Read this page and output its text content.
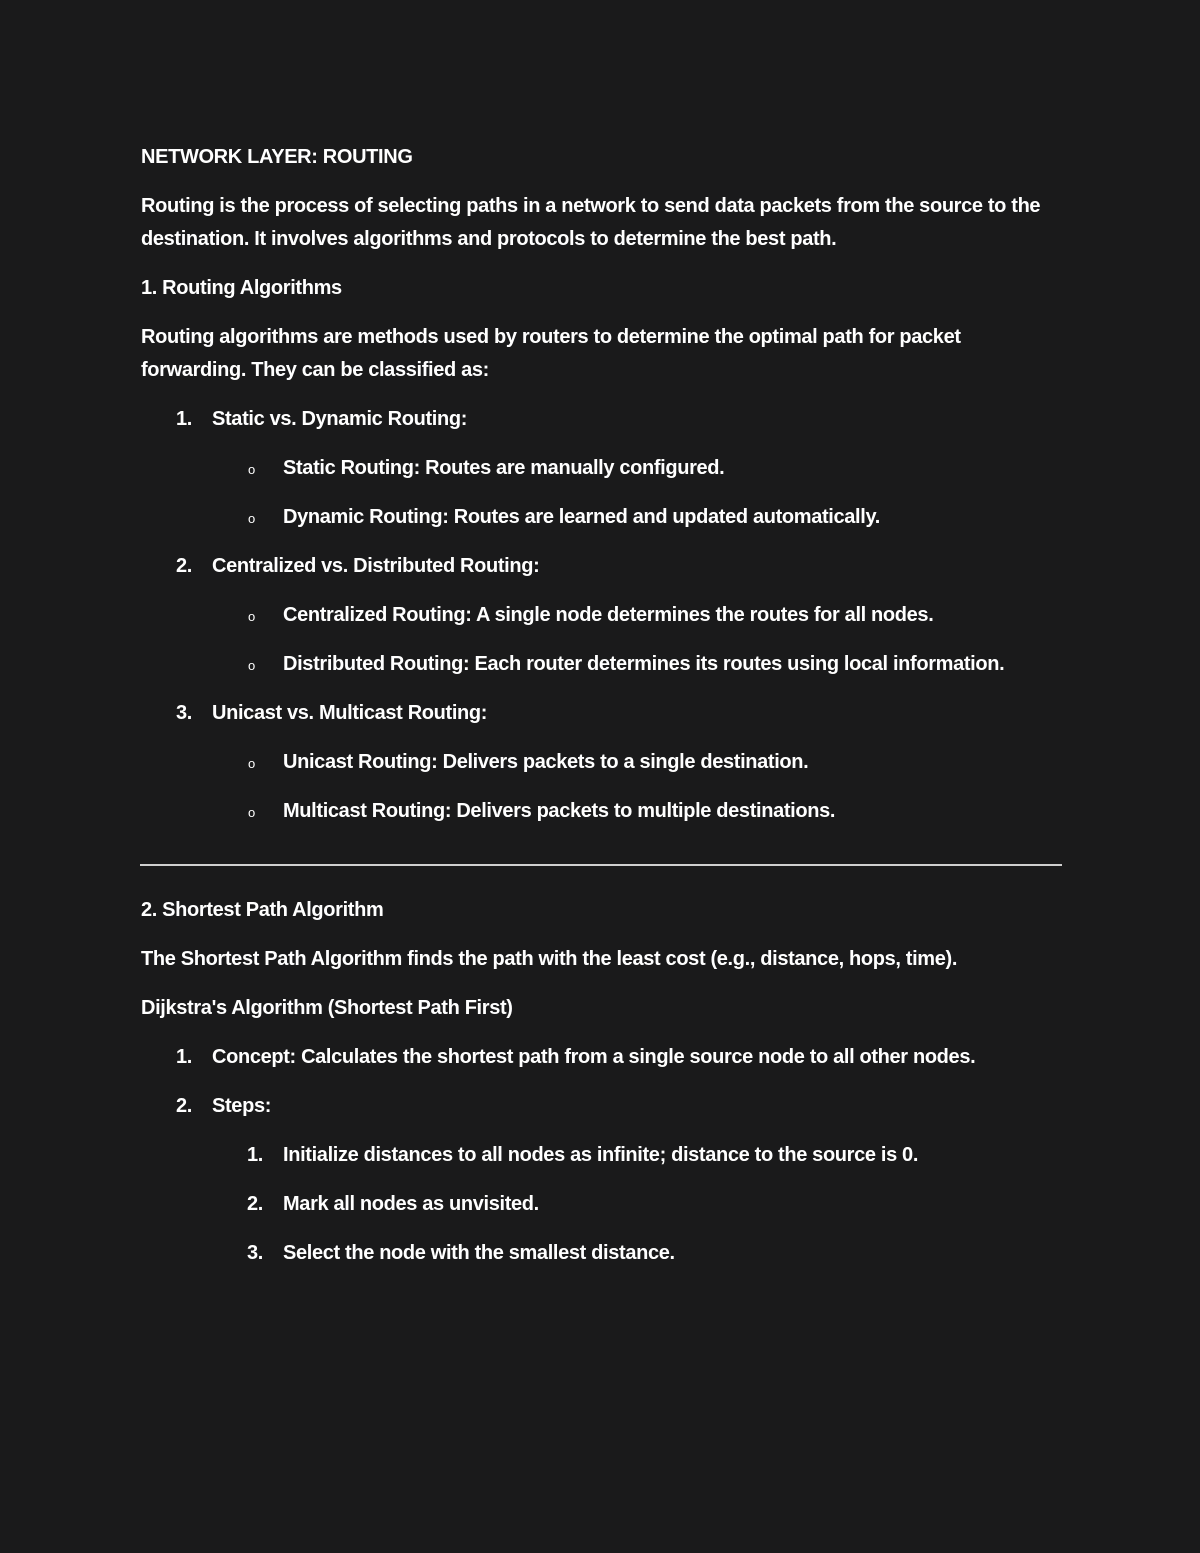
NETWORK LAYER: ROUTING

Routing is the process of selecting paths in a network to send data packets from the source to the destination. It involves algorithms and protocols to determine the best path.

1. Routing Algorithms

Routing algorithms are methods used by routers to determine the optimal path for packet forwarding. They can be classified as:

1.	Static vs. Dynamic Routing:
o Static Routing: Routes are manually configured.
o Dynamic Routing: Routes are learned and updated automatically.
2.	Centralized vs. Distributed Routing:
o Centralized Routing: A single node determines the routes for all nodes.
o Distributed Routing: Each router determines its routes using local information.
3.	Unicast vs. Multicast Routing:
o Unicast Routing: Delivers packets to a single destination.
o Multicast Routing: Delivers packets to multiple destinations.

2. Shortest Path Algorithm

The Shortest Path Algorithm finds the path with the least cost (e.g., distance, hops, time).

Dijkstra's Algorithm (Shortest Path First)

1.	Concept: Calculates the shortest path from a single source node to all other nodes.
2.	Steps:
1. Initialize distances to all nodes as infinite; distance to the source is 0.
2. Mark all nodes as unvisited.
3. Select the node with the smallest distance.
